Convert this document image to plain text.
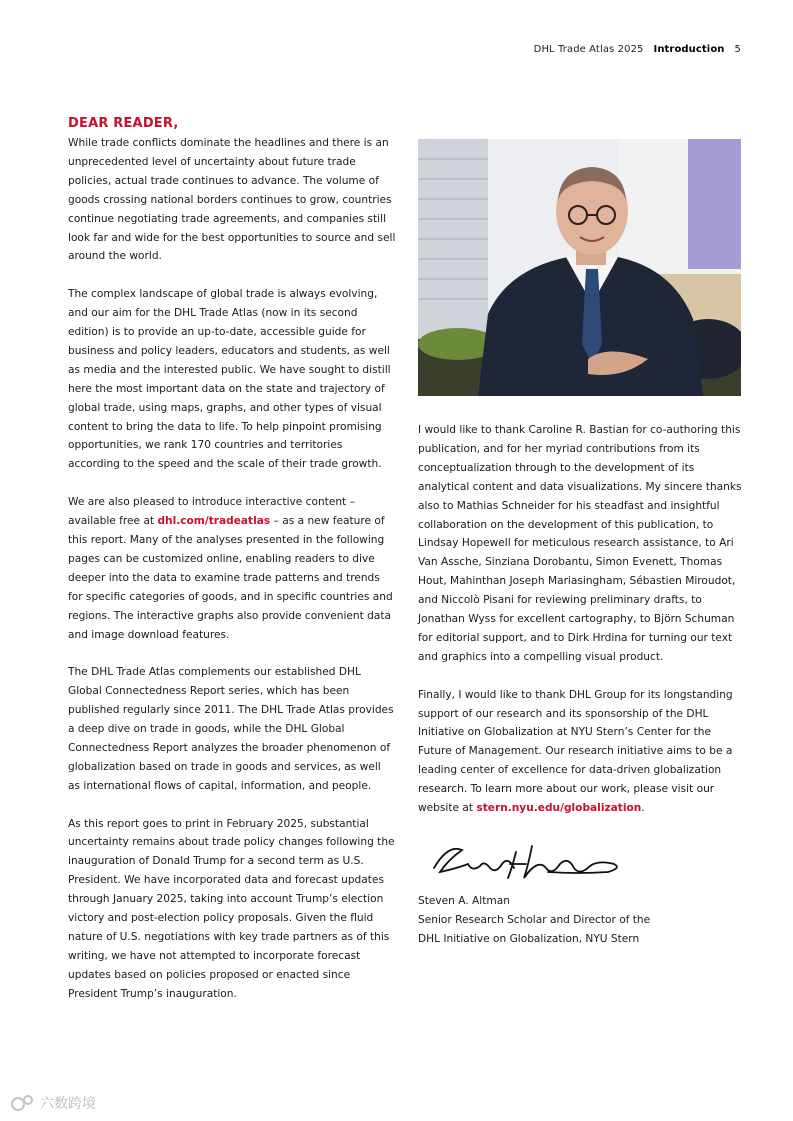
DHL Trade Atlas 2025 Introduction 5
DEAR READER,

While trade conflicts dominate the headlines and there is an unprecedented level of uncertainty about future trade policies, actual trade continues to advance. The volume of goods crossing national borders continues to grow, countries continue negotiating trade agreements, and companies still look far and wide for the best opportunities to source and sell around the world.

The complex landscape of global trade is always evolving, and our aim for the DHL Trade Atlas (now in its second edition) is to provide an up-to-date, accessible guide for business and policy leaders, educators and students, as well as media and the interested public. We have sought to distill here the most important data on the state and trajectory of global trade, using maps, graphs, and other types of visual content to bring the data to life. To help pinpoint promising opportunities, we rank 170 countries and territories according to the speed and the scale of their trade growth.

We are also pleased to introduce interactive content – available free at dhl.com/tradeatlas – as a new feature of this report. Many of the analyses presented in the following pages can be customized online, enabling readers to dive deeper into the data to examine trade patterns and trends for specific categories of goods, and in specific countries and regions. The interactive graphs also provide convenient data and image download features.

The DHL Trade Atlas complements our established DHL Global Connectedness Report series, which has been published regularly since 2011. The DHL Trade Atlas provides a deep dive on trade in goods, while the DHL Global Connectedness Report analyzes the broader phenomenon of globalization based on trade in goods and services, as well as international flows of capital, information, and people.

As this report goes to print in February 2025, substantial uncertainty remains about trade policy changes following the inauguration of Donald Trump for a second term as U.S. President. We have incorporated data and forecast updates through January 2025, taking into account Trump’s election victory and post-election policy proposals. Given the fluid nature of U.S. negotiations with key trade partners as of this writing, we have not attempted to incorporate forecast updates based on policies proposed or enacted since President Trump’s inauguration.

I would like to thank Caroline R. Bastian for co-authoring this publication, and for her myriad contributions from its conceptualization through to the development of its analytical content and data visualizations. My sincere thanks also to Mathias Schneider for his steadfast and insightful collaboration on the development of this publication, to Lindsay Hopewell for meticulous research assistance, to Ari Van Assche, Sinziana Dorobantu, Simon Evenett, Thomas Hout, Mahinthan Joseph Mariasingham, Sébastien Miroudot, and Niccolò Pisani for reviewing preliminary drafts, to Jonathan Wyss for excellent cartography, to Björn Schuman for editorial support, and to Dirk Hrdina for turning our text and graphics into a compelling visual product.

Finally, I would like to thank DHL Group for its longstanding support of our research and its sponsorship of the DHL Initiative on Globalization at NYU Stern’s Center for the Future of Management. Our research initiative aims to be a leading center of excellence for data-driven globalization research. To learn more about our work, please visit our website at stern.nyu.edu/globalization.

Steven A. Altman
Senior Research Scholar and Director of the
DHL Initiative on Globalization, NYU Stern
六数跨境
